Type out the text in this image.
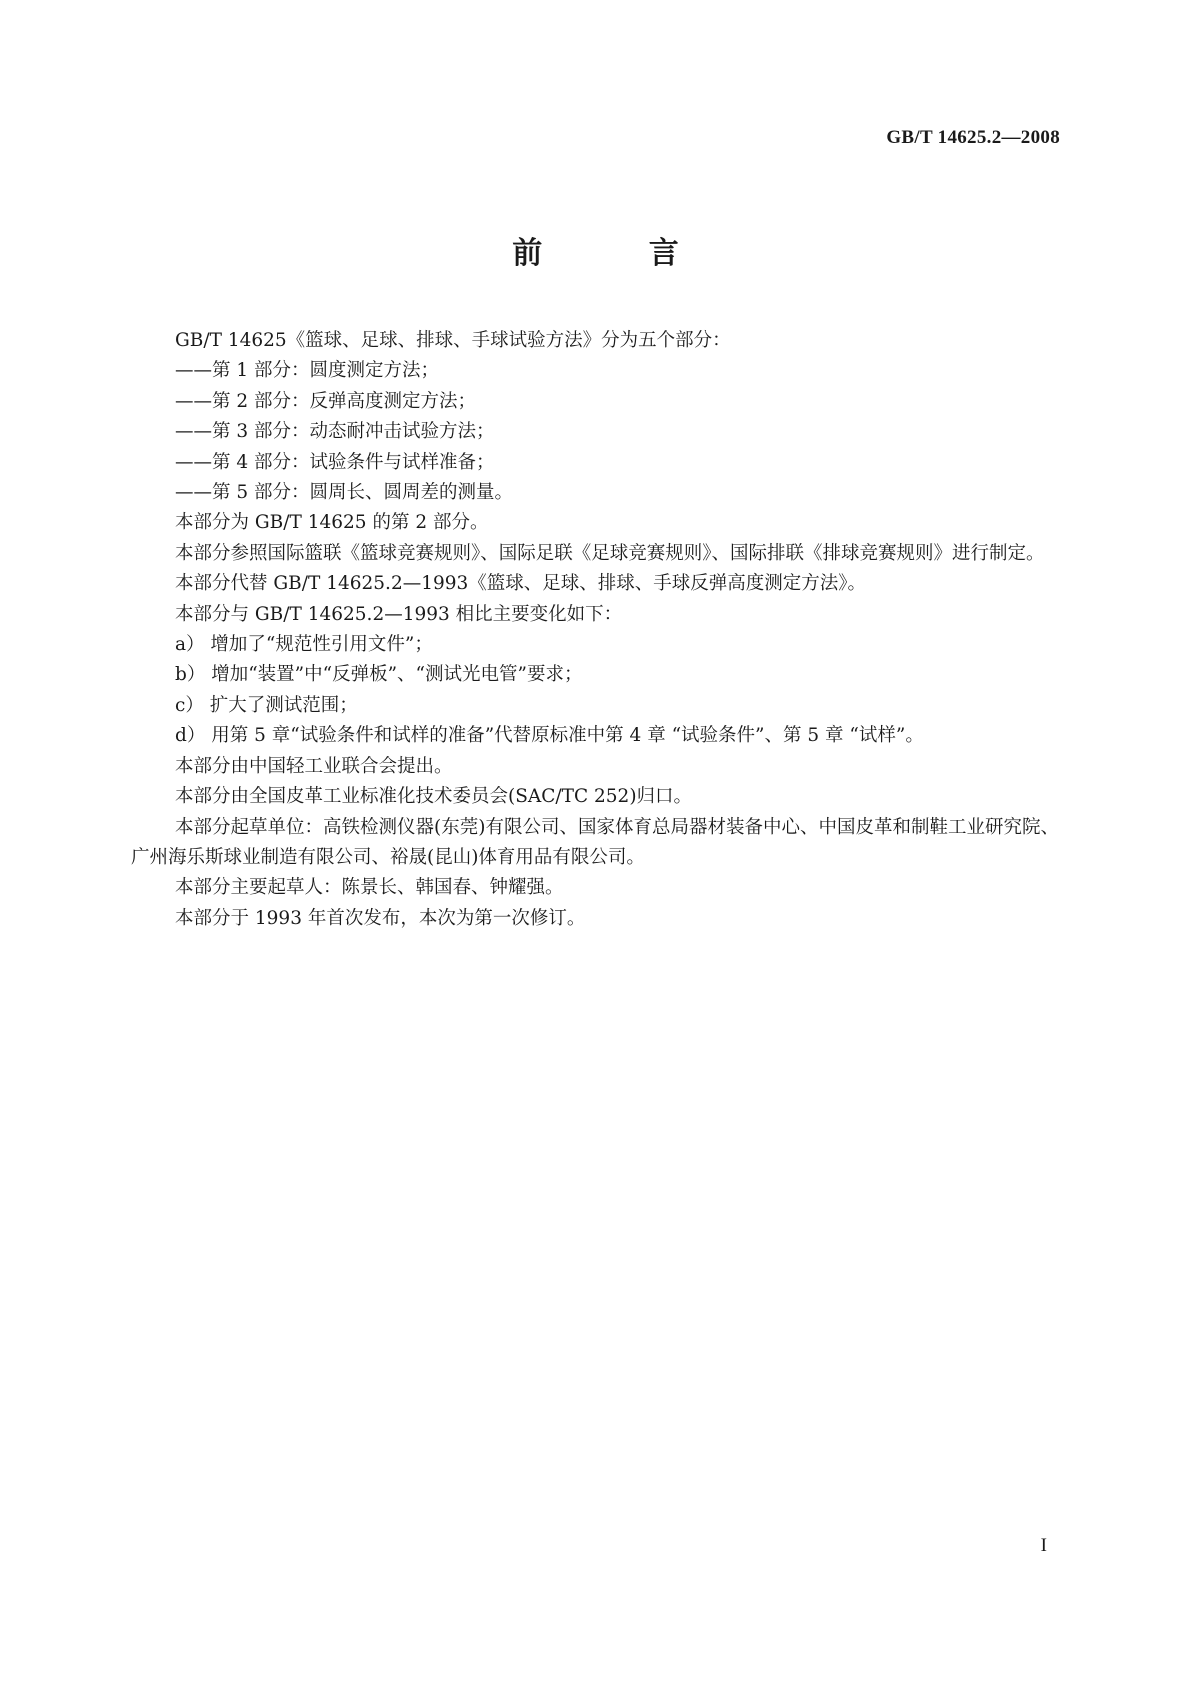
GB/T 14625.2—2008
前 言
GB/T 14625《篮球、足球、排球、手球试验方法》分为五个部分：
——第 1 部分：圆度测定方法；
——第 2 部分：反弹高度测定方法；
——第 3 部分：动态耐冲击试验方法；
——第 4 部分：试验条件与试样准备；
——第 5 部分：圆周长、圆周差的测量。
本部分为 GB/T 14625 的第 2 部分。
本部分参照国际篮联《篮球竞赛规则》、国际足联《足球竞赛规则》、国际排联《排球竞赛规则》进行制定。
本部分代替 GB/T 14625.2—1993《篮球、足球、排球、手球反弹高度测定方法》。
本部分与 GB/T 14625.2—1993 相比主要变化如下：
a） 增加了“规范性引用文件”；
b） 增加“装置”中“反弹板”、“测试光电管”要求；
c） 扩大了测试范围；
d） 用第 5 章“试验条件和试样的准备”代替原标准中第 4 章 “试验条件”、第 5 章 “试样”。
本部分由中国轻工业联合会提出。
本部分由全国皮革工业标准化技术委员会(SAC/TC 252)归口。
本部分起草单位：高铁检测仪器(东莞)有限公司、国家体育总局器材装备中心、中国皮革和制鞋工业研究院、广州海乐斯球业制造有限公司、裕晟(昆山)体育用品有限公司。
本部分主要起草人：陈景长、韩国春、钟耀强。
本部分于 1993 年首次发布，本次为第一次修订。
I
